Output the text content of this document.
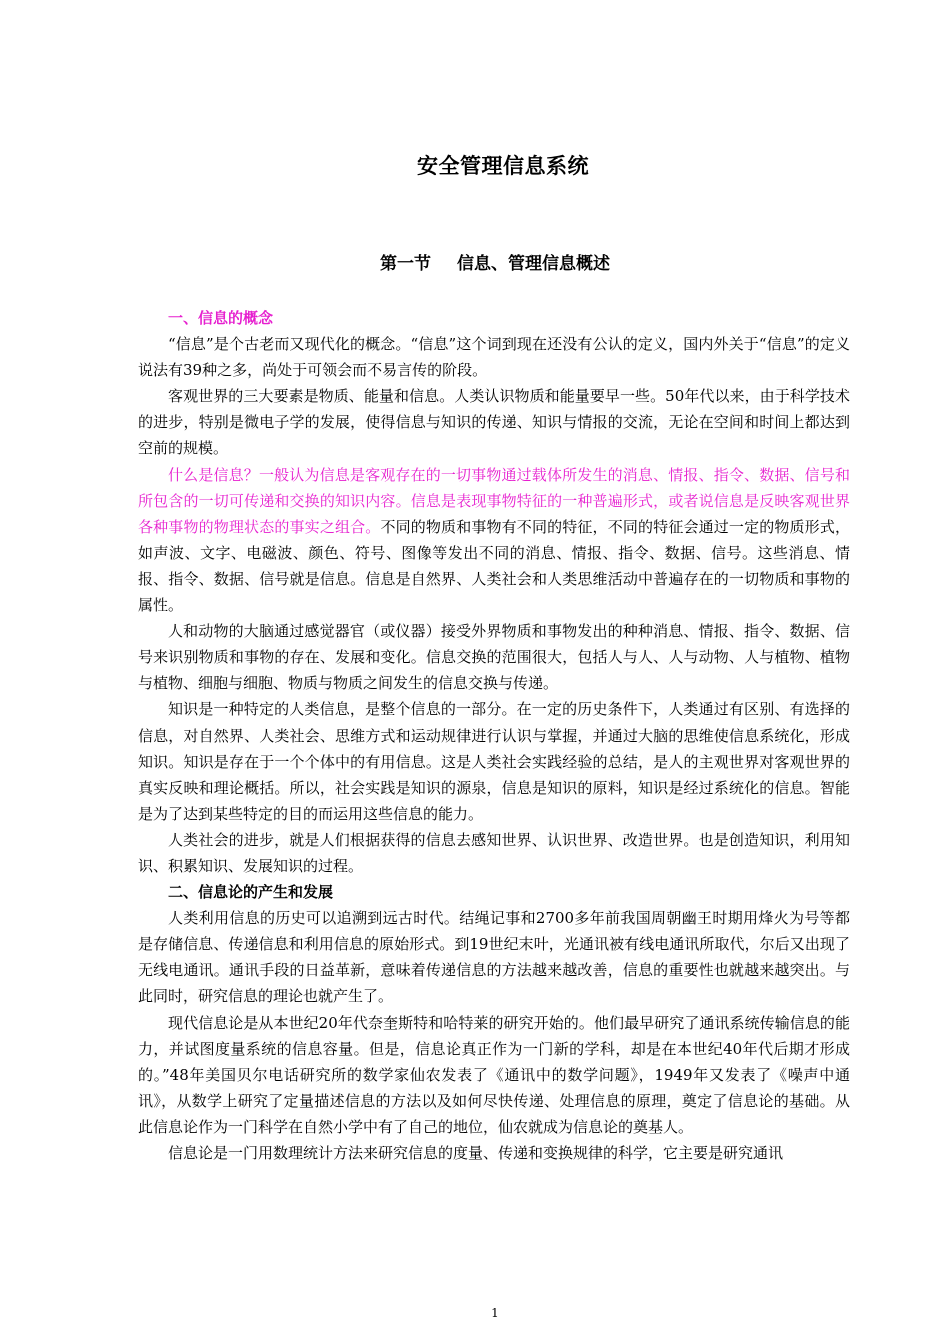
安全管理信息系统
第一节 信息、管理信息概述
一、信息的概念

“信息”是个古老而又现代化的概念。“信息”这个词到现在还没有公认的定义，国内外关于“信息”的定义说法有39种之多，尚处于可领会而不易言传的阶段。

客观世界的三大要素是物质、能量和信息。人类认识物质和能量要早一些。50年代以来，由于科学技术的进步，特别是微电子学的发展，使得信息与知识的传递、知识与情报的交流，无论在空间和时间上都达到空前的规模。

什么是信息？一般认为信息是客观存在的一切事物通过载体所发生的消息、情报、指令、数据、信号和所包含的一切可传递和交换的知识内容。信息是表现事物特征的一种普遍形式，或者说信息是反映客观世界各种事物的物理状态的事实之组合。不同的物质和事物有不同的特征，不同的特征会通过一定的物质形式，如声波、文字、电磁波、颜色、符号、图像等发出不同的消息、情报、指令、数据、信号。这些消息、情报、指令、数据、信号就是信息。信息是自然界、人类社会和人类思维活动中普遍存在的一切物质和事物的属性。

人和动物的大脑通过感觉器官（或仪器）接受外界物质和事物发出的种种消息、情报、指令、数据、信号来识别物质和事物的存在、发展和变化。信息交换的范围很大，包括人与人、人与动物、人与植物、植物与植物、细胞与细胞、物质与物质之间发生的信息交换与传递。

知识是一种特定的人类信息，是整个信息的一部分。在一定的历史条件下，人类通过有区别、有选择的信息，对自然界、人类社会、思维方式和运动规律进行认识与掌握，并通过大脑的思维使信息系统化，形成知识。知识是存在于一个个体中的有用信息。这是人类社会实践经验的总结，是人的主观世界对客观世界的真实反映和理论概括。所以，社会实践是知识的源泉，信息是知识的原料，知识是经过系统化的信息。智能是为了达到某些特定的目的而运用这些信息的能力。

人类社会的进步，就是人们根据获得的信息去感知世界、认识世界、改造世界。也是创造知识，利用知识、积累知识、发展知识的过程。

二、信息论的产生和发展

人类利用信息的历史可以追溯到远古时代。结绳记事和2700多年前我国周朝幽王时期用烽火为号等都是存储信息、传递信息和利用信息的原始形式。到19世纪末叶，光通讯被有线电通讯所取代，尔后又出现了无线电通讯。通讯手段的日益革新，意味着传递信息的方法越来越改善，信息的重要性也就越来越突出。与此同时，研究信息的理论也就产生了。

现代信息论是从本世纪20年代奈奎斯特和哈特莱的研究开始的。他们最早研究了通讯系统传输信息的能力，并试图度量系统的信息容量。但是，信息论真正作为一门新的学科，却是在本世纪40年代后期才形成的。”48年美国贝尔电话研究所的数学家仙农发表了《通讯中的数学问题》，1949年又发表了《噪声中通讯》，从数学上研究了定量描述信息的方法以及如何尽快传递、处理信息的原理，奠定了信息论的基础。从此信息论作为一门科学在自然小学中有了自己的地位，仙农就成为信息论的奠基人。

信息论是一门用数理统计方法来研究信息的度量、传递和变换规律的科学，它主要是研究通讯

1
